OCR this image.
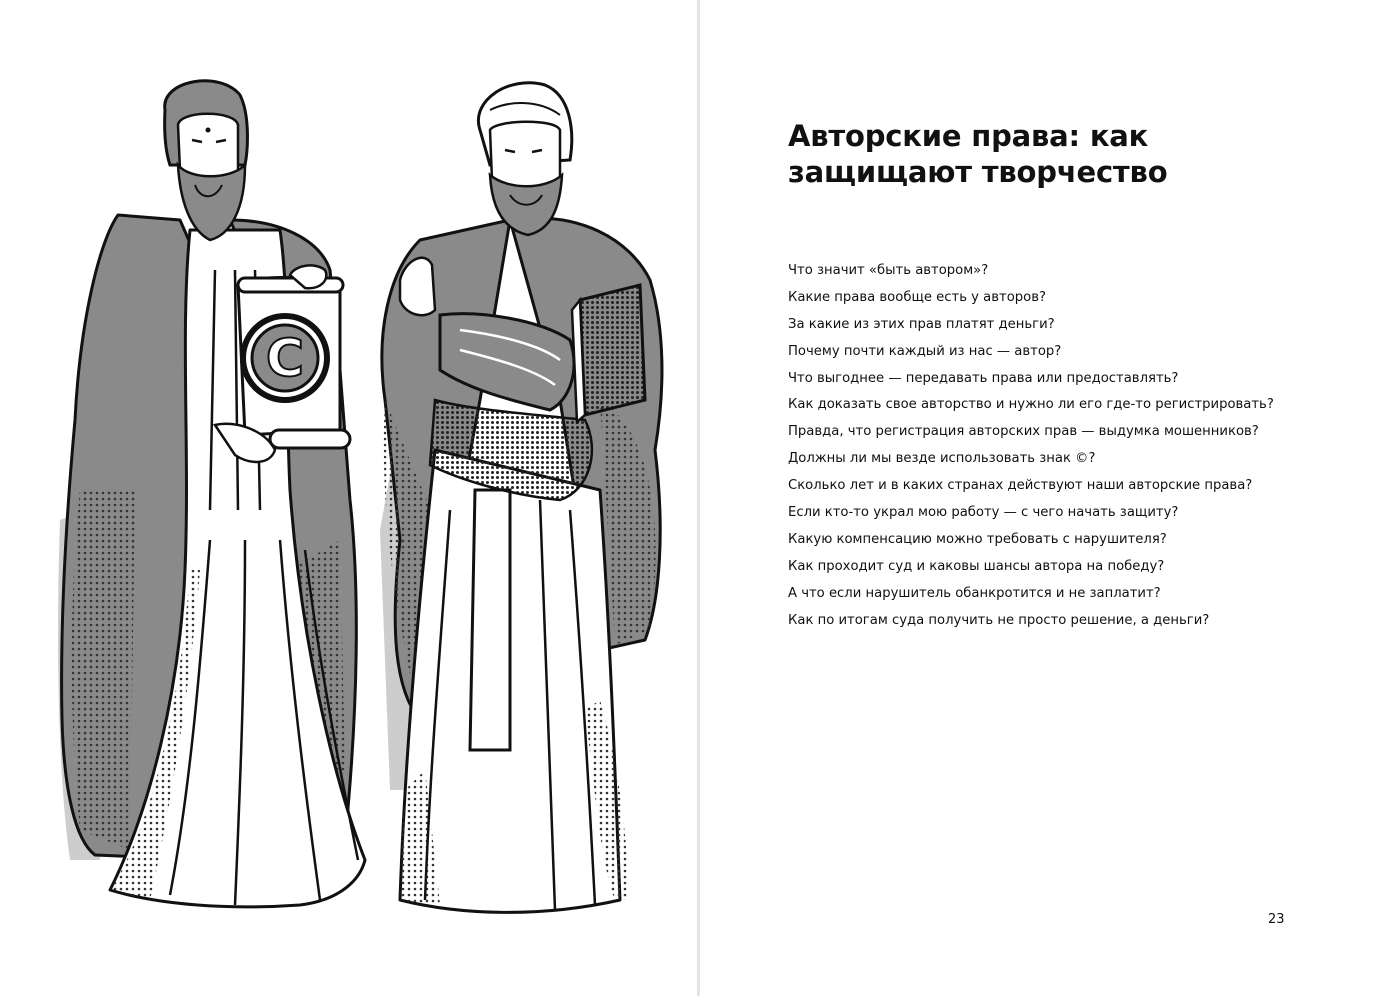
C
Авторские права: как
защищают творчество
Что значит «быть автором»?
Какие права вообще есть у авторов?
За какие из этих прав платят деньги?
Почему почти каждый из нас — автор?
Что выгоднее — передавать права или предоставлять?
Как доказать свое авторство и нужно ли его где-то регистрировать?
Правда, что регистрация авторских прав — выдумка мошенников?
Должны ли мы везде использовать знак ©?
Сколько лет и в каких странах действуют наши авторские права?
Если кто-то украл мою работу — с чего начать защиту?
Какую компенсацию можно требовать с нарушителя?
Как проходит суд и каковы шансы автора на победу?
А что если нарушитель обанкротится и не заплатит?
Как по итогам суда получить не просто решение, а деньги?
23
